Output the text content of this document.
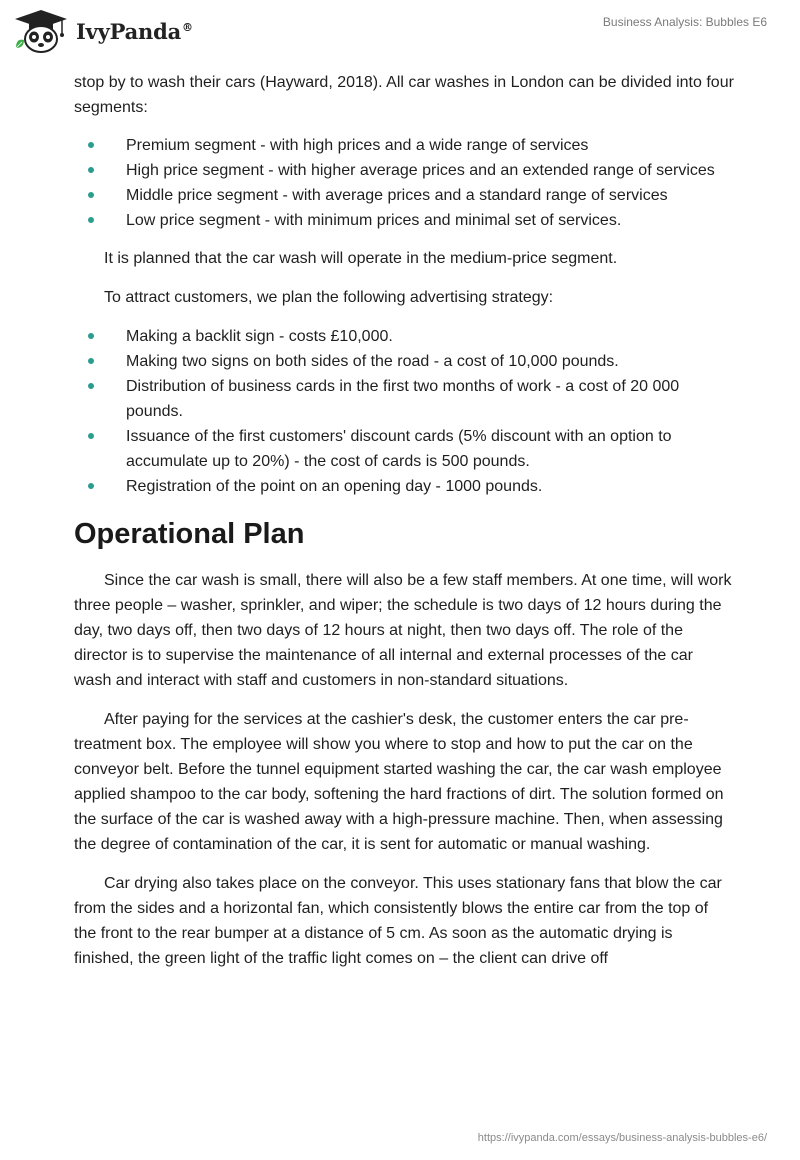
IvyPanda®	Business Analysis: Bubbles E6

stop by to wash their cars (Hayward, 2018). All car washes in London can be divided into four segments:

Premium segment - with high prices and a wide range of services
High price segment - with higher average prices and an extended range of services
Middle price segment - with average prices and a standard range of services
Low price segment - with minimum prices and minimal set of services.

It is planned that the car wash will operate in the medium-price segment.

To attract customers, we plan the following advertising strategy:

Making a backlit sign - costs £10,000.
Making two signs on both sides of the road - a cost of 10,000 pounds.
Distribution of business cards in the first two months of work - a cost of 20 000 pounds.
Issuance of the first customers' discount cards (5% discount with an option to accumulate up to 20%) - the cost of cards is 500 pounds.
Registration of the point on an opening day - 1000 pounds.
Operational Plan

Since the car wash is small, there will also be a few staff members. At one time, will work three people – washer, sprinkler, and wiper; the schedule is two days of 12 hours during the day, two days off, then two days of 12 hours at night, then two days off. The role of the director is to supervise the maintenance of all internal and external processes of the car wash and interact with staff and customers in non-standard situations.

After paying for the services at the cashier's desk, the customer enters the car pre-treatment box. The employee will show you where to stop and how to put the car on the conveyor belt. Before the tunnel equipment started washing the car, the car wash employee applied shampoo to the car body, softening the hard fractions of dirt. The solution formed on the surface of the car is washed away with a high-pressure machine. Then, when assessing the degree of contamination of the car, it is sent for automatic or manual washing.

Car drying also takes place on the conveyor. This uses stationary fans that blow the car from the sides and a horizontal fan, which consistently blows the entire car from the top of the front to the rear bumper at a distance of 5 cm. As soon as the automatic drying is finished, the green light of the traffic light comes on – the client can drive off

https://ivypanda.com/essays/business-analysis-bubbles-e6/
